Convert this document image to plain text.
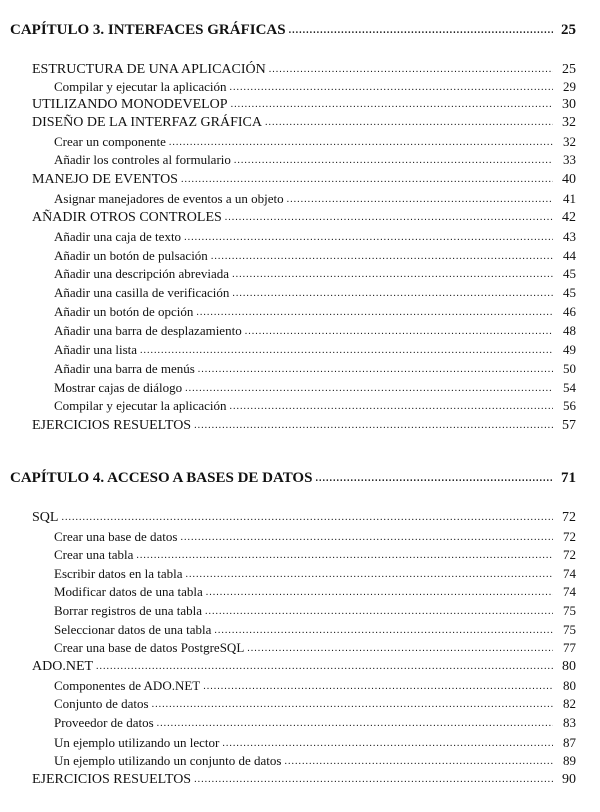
CAPÍTULO 3. INTERFACES GRÁFICAS .....	25
ESTRUCTURA DE UNA APLICACIÓN .....	25
Compilar y ejecutar la aplicación .....	29
UTILIZANDO MONODEVELOP .....	30
DISEÑO DE LA INTERFAZ GRÁFICA .....	32
Crear un componente .....	32
Añadir los controles al formulario .....	33
MANEJO DE EVENTOS .....	40
Asignar manejadores de eventos a un objeto .....	41
AÑADIR OTROS CONTROLES .....	42
Añadir una caja de texto .....	43
Añadir un botón de pulsación .....	44
Añadir una descripción abreviada .....	45
Añadir una casilla de verificación .....	45
Añadir un botón de opción .....	46
Añadir una barra de desplazamiento .....	48
Añadir una lista .....	49
Añadir una barra de menús .....	50
Mostrar cajas de diálogo .....	54
Compilar y ejecutar la aplicación .....	56
EJERCICIOS RESUELTOS .....	57
CAPÍTULO 4. ACCESO A BASES DE DATOS .....	71
SQL .....	72
Crear una base de datos .....	72
Crear una tabla .....	72
Escribir datos en la tabla .....	74
Modificar datos de una tabla .....	74
Borrar registros de una tabla .....	75
Seleccionar datos de una tabla .....	75
Crear una base de datos PostgreSQL .....	77
ADO.NET .....	80
Componentes de ADO.NET .....	80
Conjunto de datos .....	82
Proveedor de datos .....	83
Un ejemplo utilizando un lector .....	87
Un ejemplo utilizando un conjunto de datos .....	89
EJERCICIOS RESUELTOS .....	90
